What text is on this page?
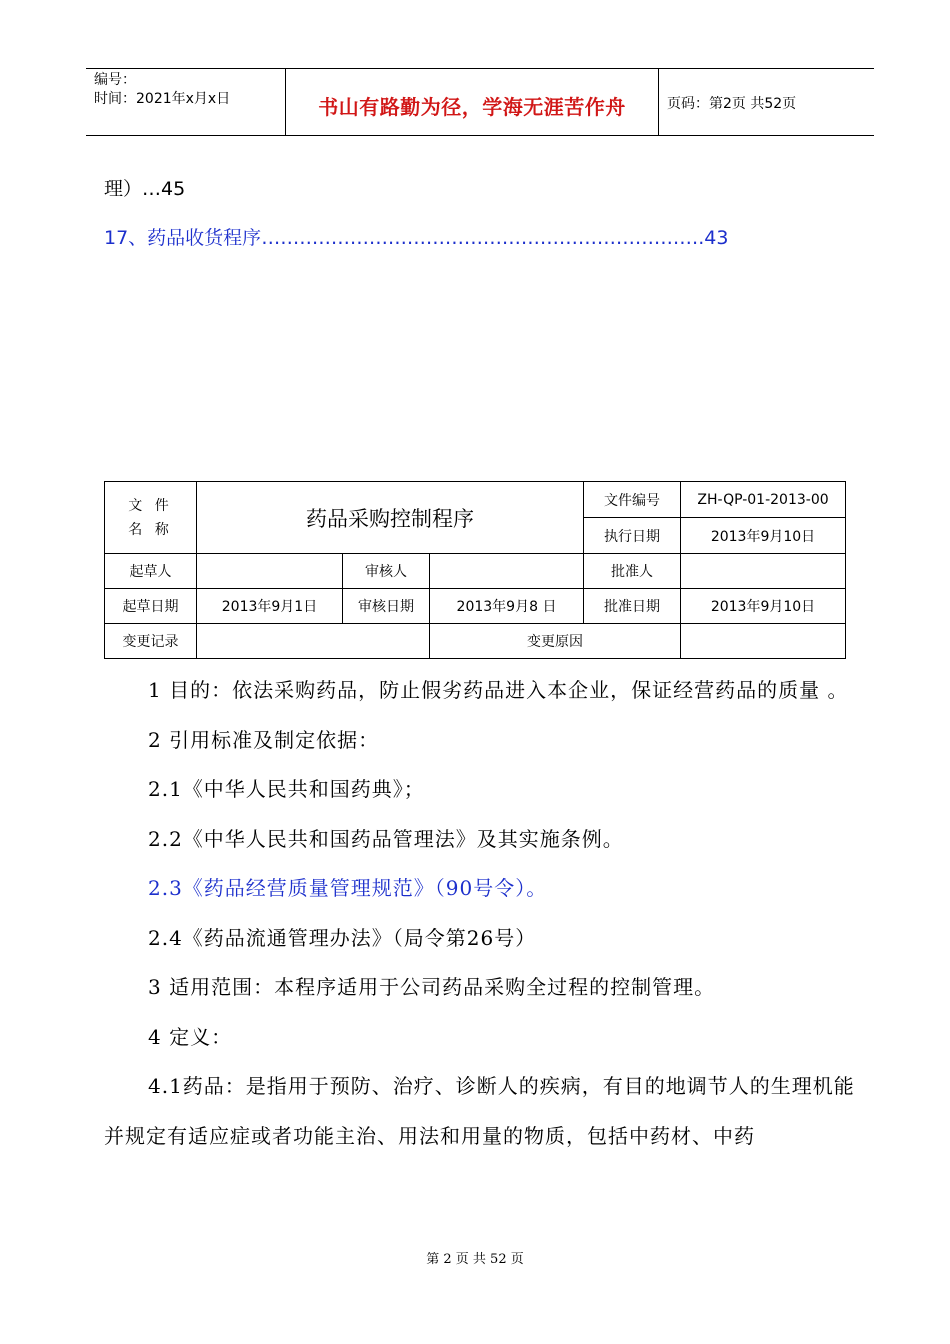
编号：
时间：2021年x月x日	书山有路勤为径，学海无涯苦作舟	页码：第2页 共52页
理）…45
17、药品收货程序…………………………………………………………….43
文 件
名 称	药品采购控制程序			文件编号	ZH-QP-01-2013-00
				执行日期	2013年9月10日
起草人		审核人		批准人	
起草日期	2013年9月1日	审核日期	2013年9月8 日	批准日期	2013年9月10日
变更记录			变更原因		

1 目的：依法采购药品，防止假劣药品进入本企业，保证经营药品的质量 。

2 引用标准及制定依据：

2.1《中华人民共和国药典》；

2.2《中华人民共和国药品管理法》及其实施条例。

2.3《药品经营质量管理规范》（90号令）。

2.4《药品流通管理办法》（局令第26号）

3 适用范围：本程序适用于公司药品采购全过程的控制管理。

4 定义：

4.1药品：是指用于预防、治疗、诊断人的疾病，有目的地调节人的生理机能并规定有适应症或者功能主治、用法和用量的物质，包括中药材、中药

第 2 页 共 52 页
